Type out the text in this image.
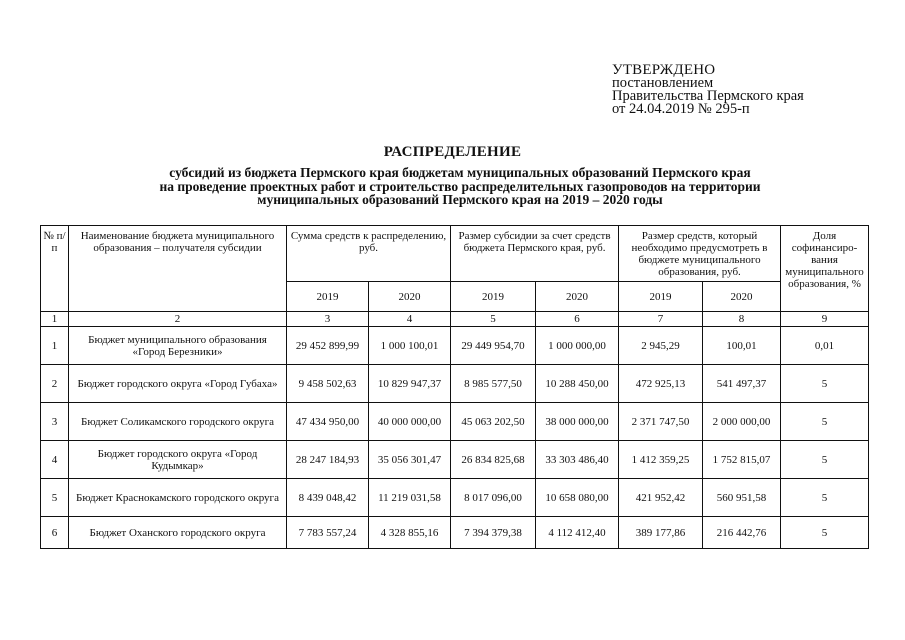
УТВЕРЖДЕНО
постановлением
Правительства Пермского края
от 24.04.2019 № 295-п
РАСПРЕДЕЛЕНИЕ
субсидий из бюджета Пермского края бюджетам муниципальных образований Пермского края
на проведение проектных работ и строительство распределительных газопроводов на территории
муниципальных образований Пермского края на 2019 – 2020 годы
№ п/п	Наименование бюджета муниципального образования – получателя субсидии	Сумма средств к распределению, руб.		Размер субсидии за счет средств бюджета Пермского края, руб.		Размер средств, который необходимо предусмотреть в бюджете муниципального образования, руб.		Доля софинансиро-вания муниципального образования, %
		2019	2020	2019	2020	2019	2020	
1	2	3	4	5	6	7	8	9
1	Бюджет муниципального образования «Город Березники»	29 452 899,99	1 000 100,01	29 449 954,70	1 000 000,00	2 945,29	100,01	0,01
2	Бюджет городского округа «Город Губаха»	9 458 502,63	10 829 947,37	8 985 577,50	10 288 450,00	472 925,13	541 497,37	5
3	Бюджет Соликамского городского округа	47 434 950,00	40 000 000,00	45 063 202,50	38 000 000,00	2 371 747,50	2 000 000,00	5
4	Бюджет городского округа «Город Кудымкар»	28 247 184,93	35 056 301,47	26 834 825,68	33 303 486,40	1 412 359,25	1 752 815,07	5
5	Бюджет Краснокамского городского округа	8 439 048,42	11 219 031,58	8 017 096,00	10 658 080,00	421 952,42	560 951,58	5
6	Бюджет Оханского городского округа	7 783 557,24	4 328 855,16	7 394 379,38	4 112 412,40	389 177,86	216 442,76	5
